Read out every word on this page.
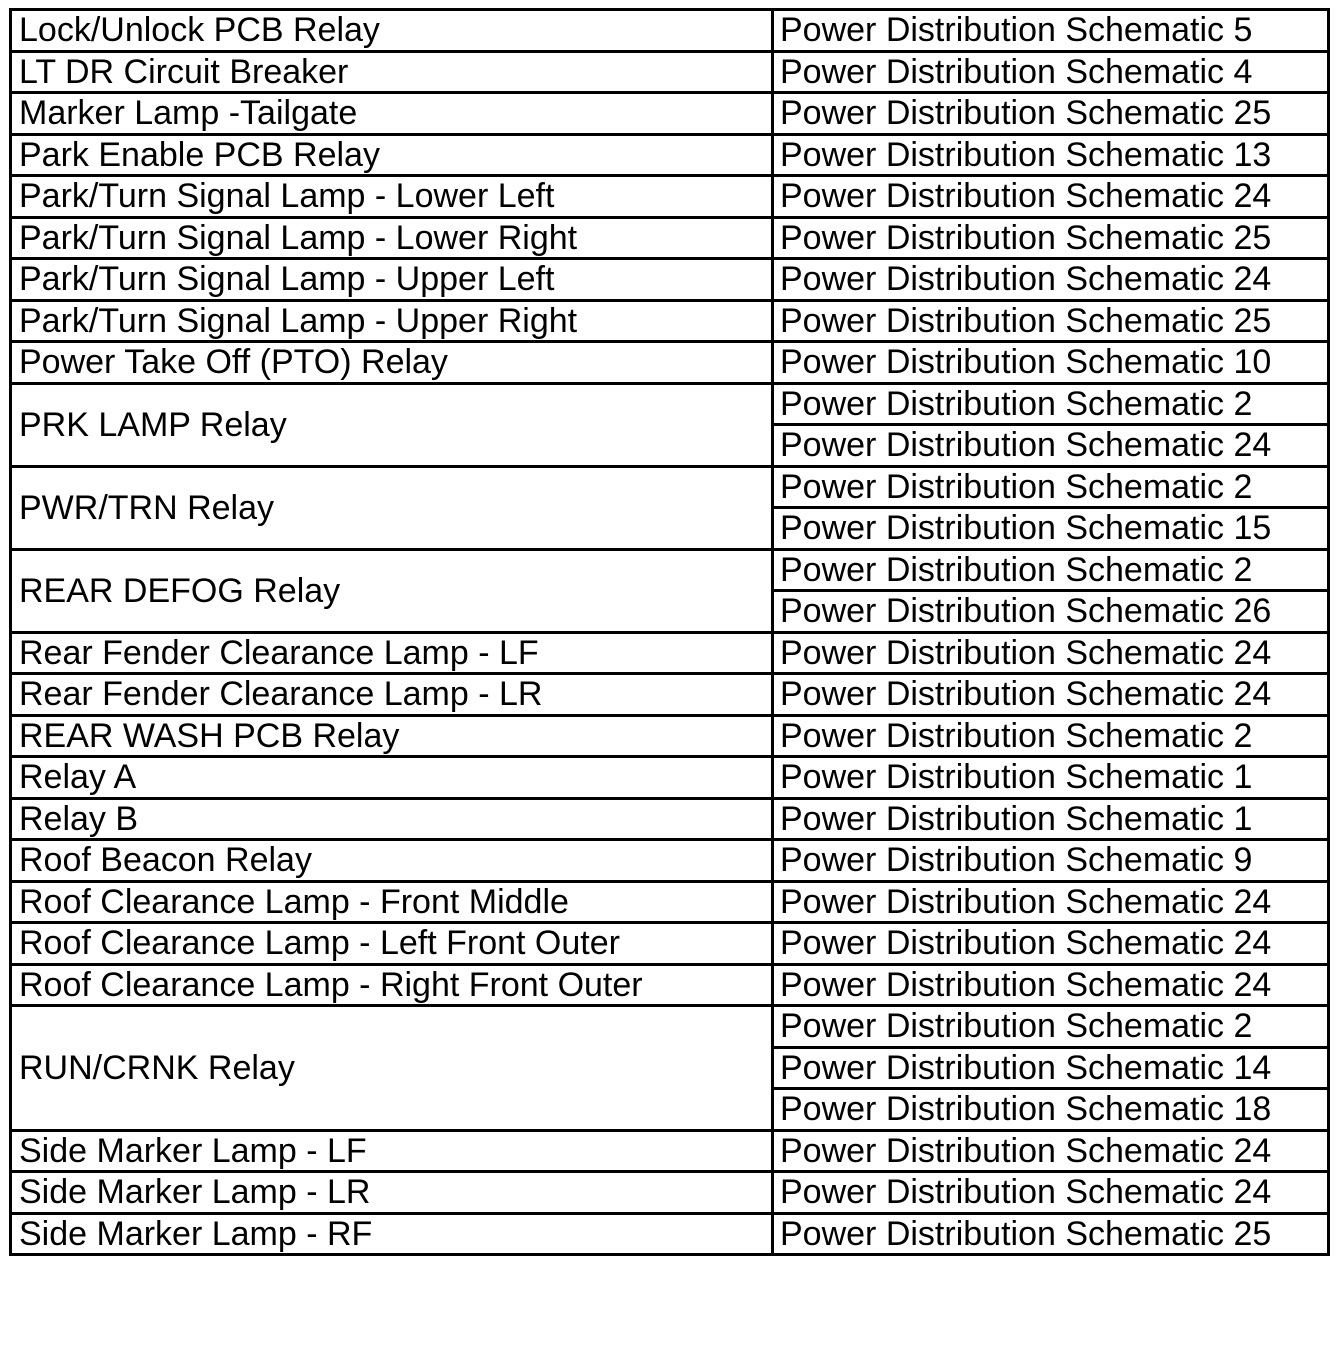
Lock/Unlock PCB Relay	Power Distribution Schematic 5
LT DR Circuit Breaker	Power Distribution Schematic 4
Marker Lamp -Tailgate	Power Distribution Schematic 25
Park Enable PCB Relay	Power Distribution Schematic 13
Park/Turn Signal Lamp - Lower Left	Power Distribution Schematic 24
Park/Turn Signal Lamp - Lower Right	Power Distribution Schematic 25
Park/Turn Signal Lamp - Upper Left	Power Distribution Schematic 24
Park/Turn Signal Lamp - Upper Right	Power Distribution Schematic 25
Power Take Off (PTO) Relay	Power Distribution Schematic 10
PRK LAMP Relay	Power Distribution Schematic 2
	Power Distribution Schematic 24
PWR/TRN Relay	Power Distribution Schematic 2
	Power Distribution Schematic 15
REAR DEFOG Relay	Power Distribution Schematic 2
	Power Distribution Schematic 26
Rear Fender Clearance Lamp - LF	Power Distribution Schematic 24
Rear Fender Clearance Lamp - LR	Power Distribution Schematic 24
REAR WASH PCB Relay	Power Distribution Schematic 2
Relay A	Power Distribution Schematic 1
Relay B	Power Distribution Schematic 1
Roof Beacon Relay	Power Distribution Schematic 9
Roof Clearance Lamp - Front Middle	Power Distribution Schematic 24
Roof Clearance Lamp - Left Front Outer	Power Distribution Schematic 24
Roof Clearance Lamp - Right Front Outer	Power Distribution Schematic 24
RUN/CRNK Relay	Power Distribution Schematic 2
	Power Distribution Schematic 14
	Power Distribution Schematic 18
Side Marker Lamp - LF	Power Distribution Schematic 24
Side Marker Lamp - LR	Power Distribution Schematic 24
Side Marker Lamp - RF	Power Distribution Schematic 25
